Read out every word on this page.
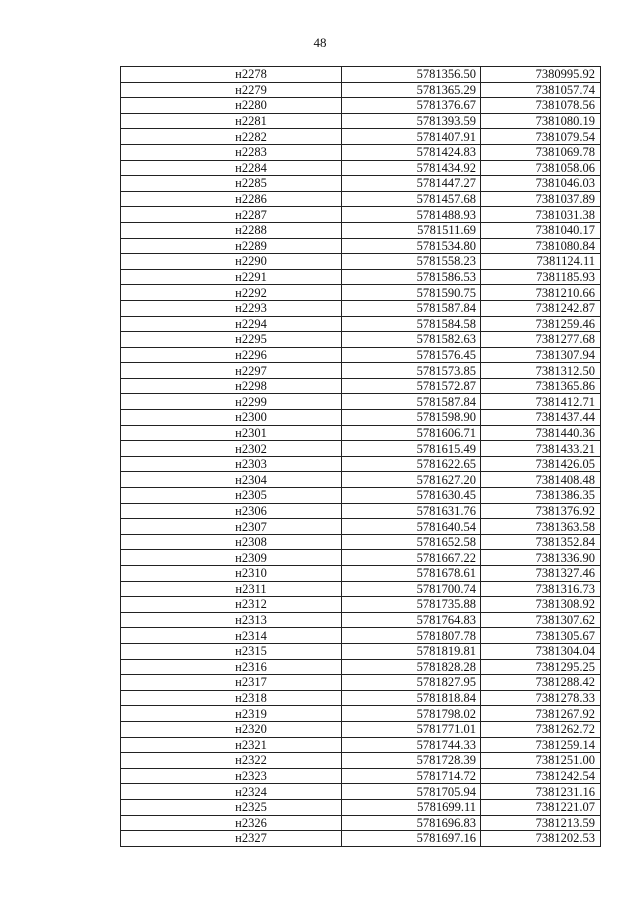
48
н2278	5781356.50	7380995.92
н2279	5781365.29	7381057.74
н2280	5781376.67	7381078.56
н2281	5781393.59	7381080.19
н2282	5781407.91	7381079.54
н2283	5781424.83	7381069.78
н2284	5781434.92	7381058.06
н2285	5781447.27	7381046.03
н2286	5781457.68	7381037.89
н2287	5781488.93	7381031.38
н2288	5781511.69	7381040.17
н2289	5781534.80	7381080.84
н2290	5781558.23	7381124.11
н2291	5781586.53	7381185.93
н2292	5781590.75	7381210.66
н2293	5781587.84	7381242.87
н2294	5781584.58	7381259.46
н2295	5781582.63	7381277.68
н2296	5781576.45	7381307.94
н2297	5781573.85	7381312.50
н2298	5781572.87	7381365.86
н2299	5781587.84	7381412.71
н2300	5781598.90	7381437.44
н2301	5781606.71	7381440.36
н2302	5781615.49	7381433.21
н2303	5781622.65	7381426.05
н2304	5781627.20	7381408.48
н2305	5781630.45	7381386.35
н2306	5781631.76	7381376.92
н2307	5781640.54	7381363.58
н2308	5781652.58	7381352.84
н2309	5781667.22	7381336.90
н2310	5781678.61	7381327.46
н2311	5781700.74	7381316.73
н2312	5781735.88	7381308.92
н2313	5781764.83	7381307.62
н2314	5781807.78	7381305.67
н2315	5781819.81	7381304.04
н2316	5781828.28	7381295.25
н2317	5781827.95	7381288.42
н2318	5781818.84	7381278.33
н2319	5781798.02	7381267.92
н2320	5781771.01	7381262.72
н2321	5781744.33	7381259.14
н2322	5781728.39	7381251.00
н2323	5781714.72	7381242.54
н2324	5781705.94	7381231.16
н2325	5781699.11	7381221.07
н2326	5781696.83	7381213.59
н2327	5781697.16	7381202.53
